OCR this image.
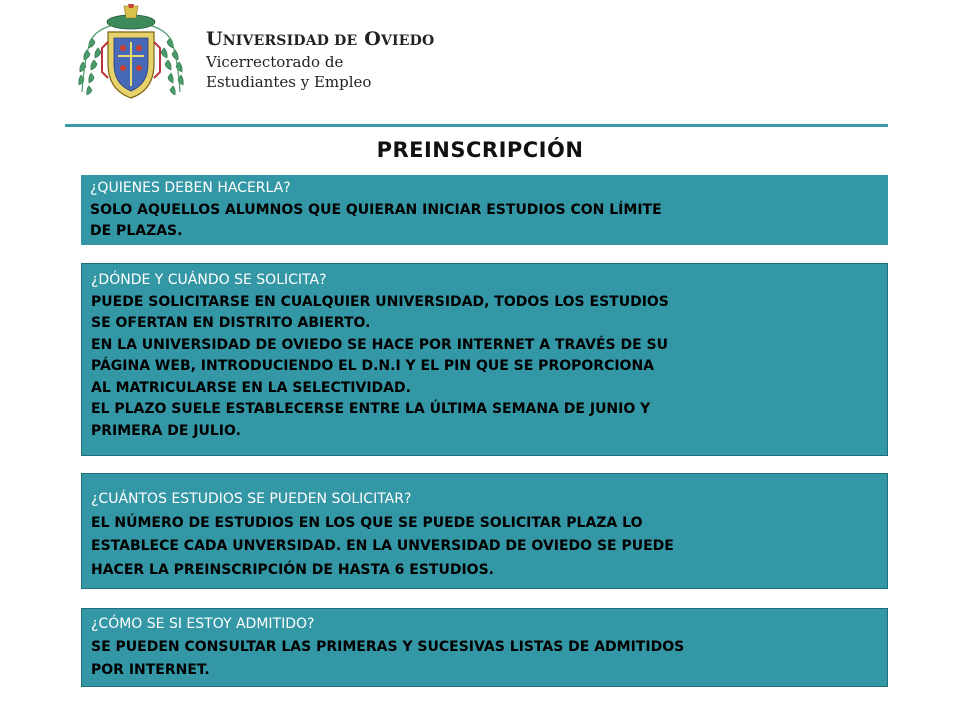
UNIVERSIDAD DE OVIEDO
Vicerrectorado de
Estudiantes y Empleo
PREINSCRIPCIÓN
¿QUIENES DEBEN HACERLA?
SOLO AQUELLOS ALUMNOS QUE QUIERAN INICIAR ESTUDIOS CON LÍMITE
DE PLAZAS.
¿DÓNDE Y CUÁNDO SE SOLICITA?
PUEDE SOLICITARSE EN CUALQUIER UNIVERSIDAD, TODOS LOS ESTUDIOS
SE OFERTAN EN DISTRITO ABIERTO.
EN LA UNIVERSIDAD DE OVIEDO SE HACE POR INTERNET A TRAVÉS DE SU
PÁGINA WEB, INTRODUCIENDO EL D.N.I Y EL PIN QUE SE PROPORCIONA
AL MATRICULARSE EN LA SELECTIVIDAD.
EL PLAZO SUELE ESTABLECERSE ENTRE LA ÚLTIMA SEMANA DE JUNIO Y
PRIMERA DE JULIO.
¿CUÁNTOS ESTUDIOS SE PUEDEN SOLICITAR?
EL NÚMERO DE ESTUDIOS EN LOS QUE SE PUEDE SOLICITAR PLAZA LO
ESTABLECE CADA UNVERSIDAD. EN LA UNVERSIDAD DE OVIEDO SE PUEDE
HACER LA PREINSCRIPCIÓN DE HASTA 6 ESTUDIOS.
¿CÓMO SE SI ESTOY ADMITIDO?
SE PUEDEN CONSULTAR LAS PRIMERAS Y SUCESIVAS LISTAS DE ADMITIDOS
POR INTERNET.
